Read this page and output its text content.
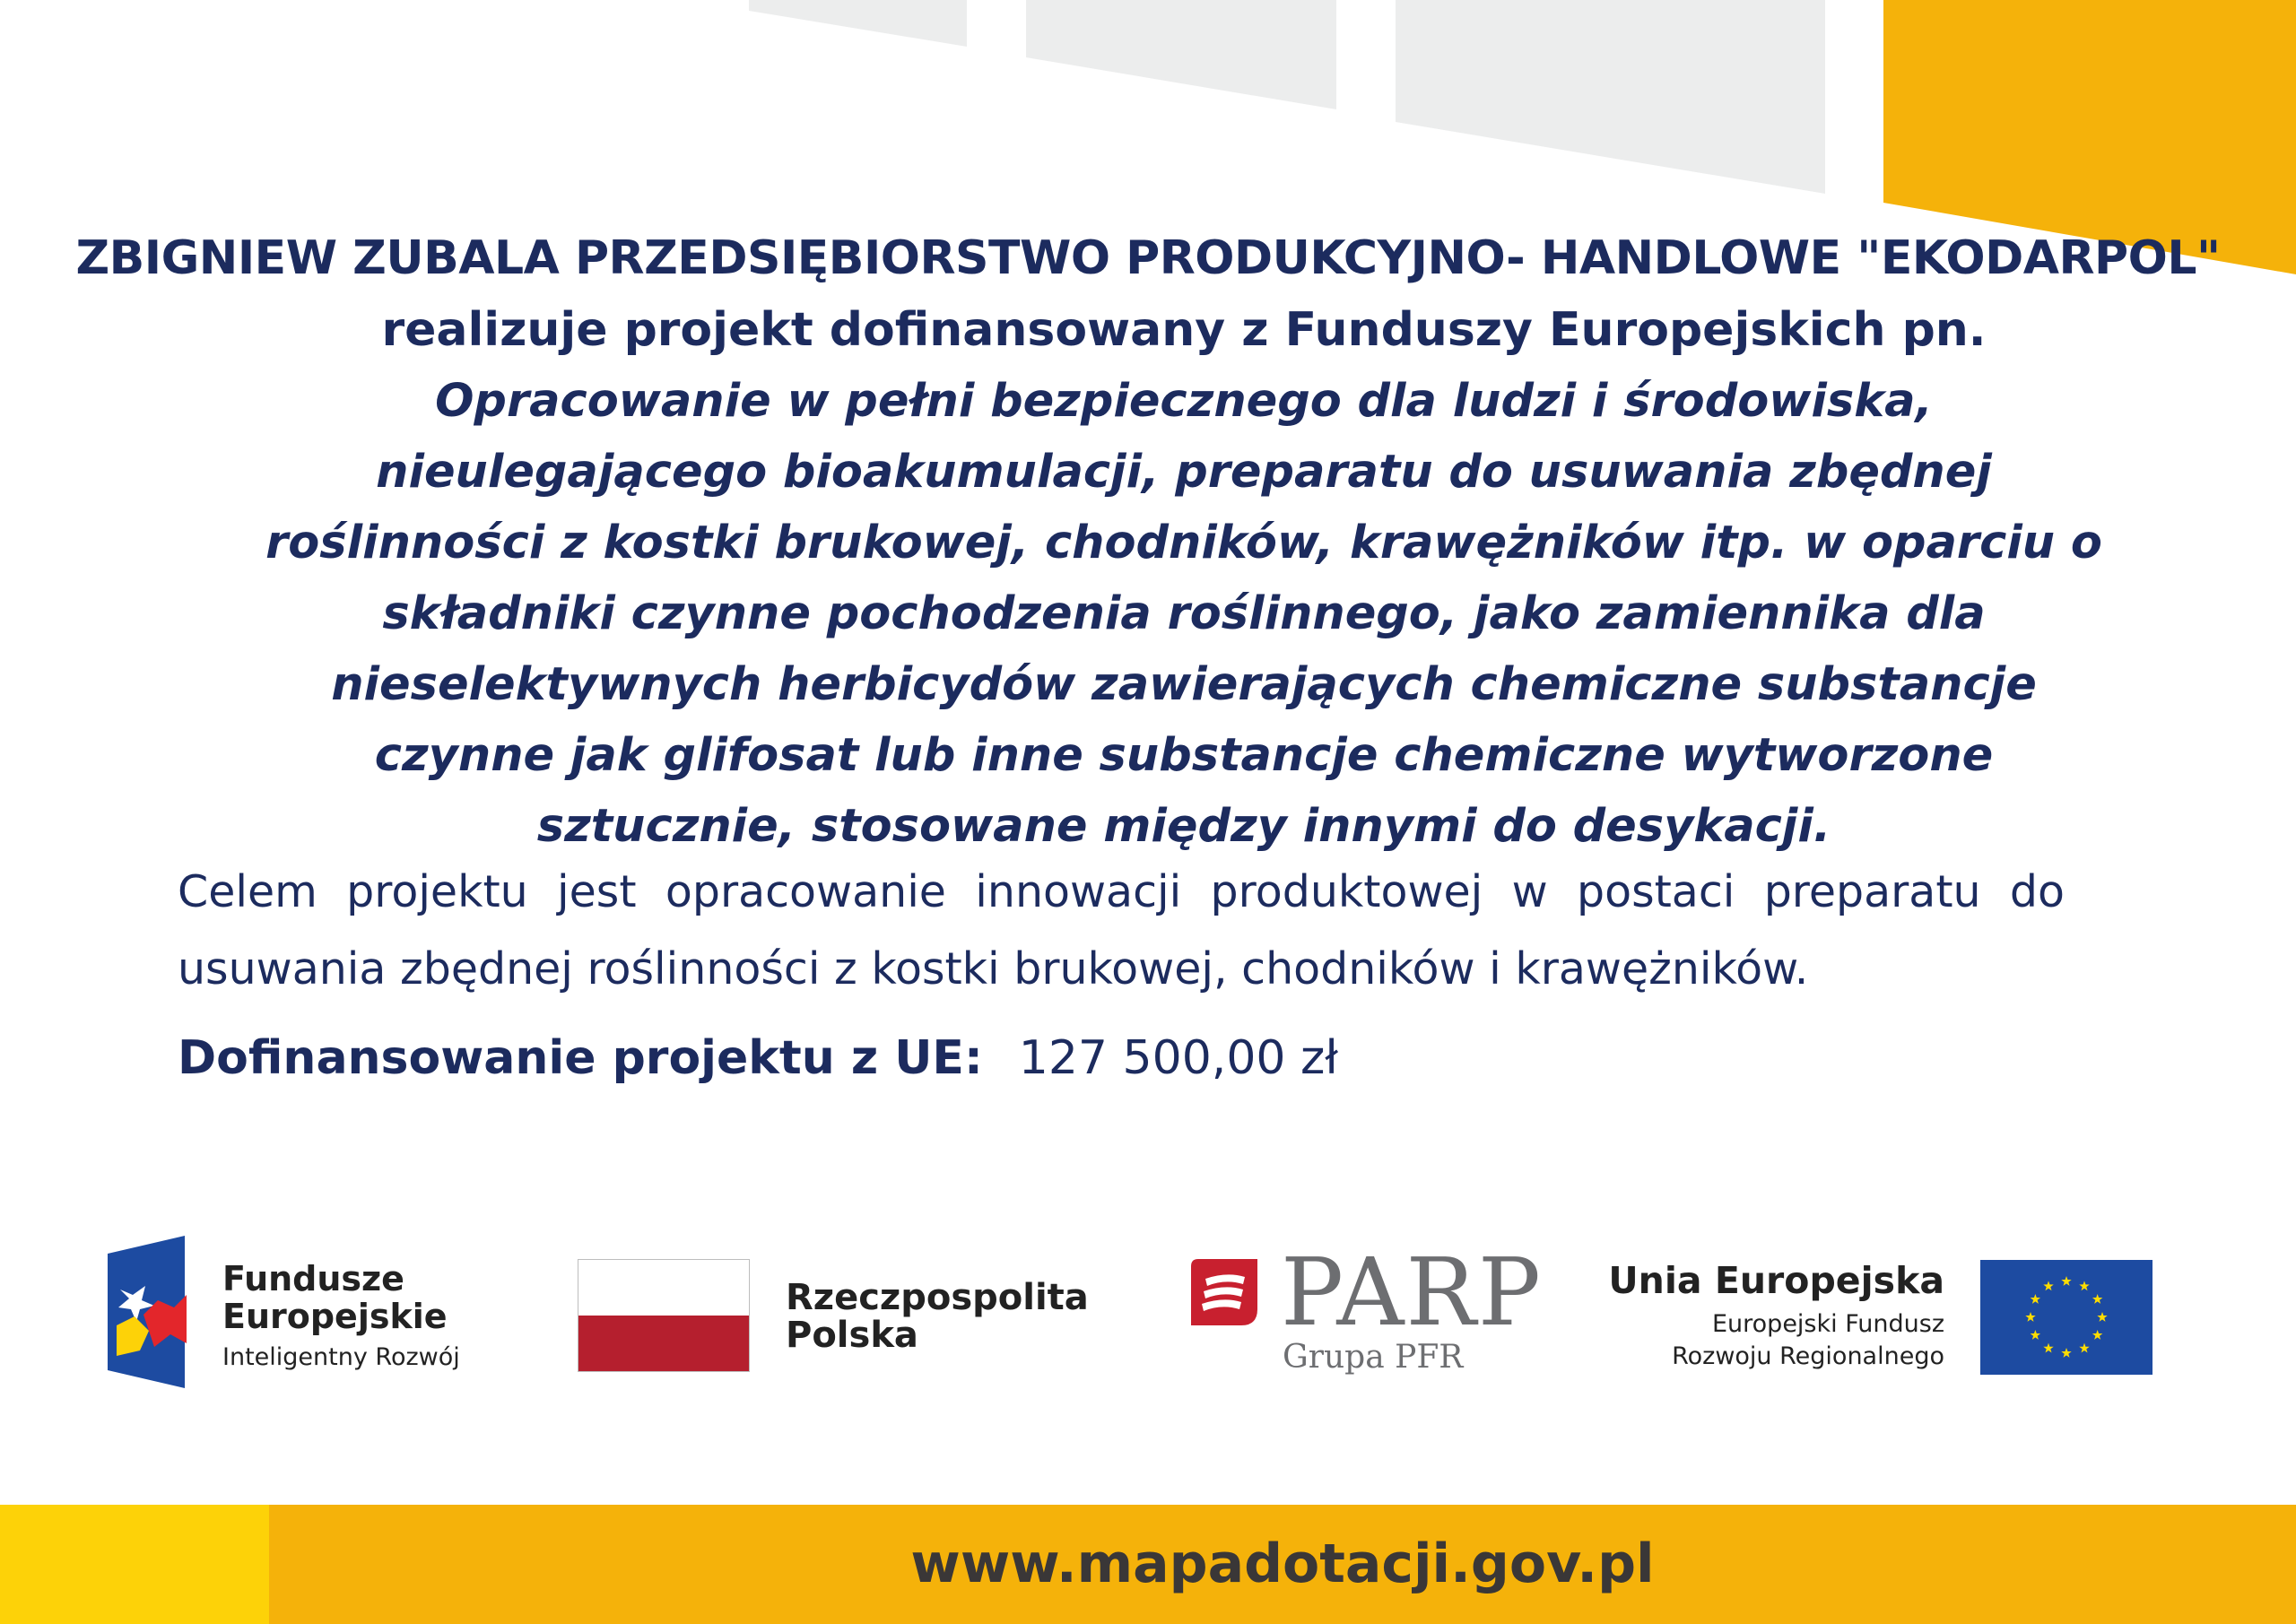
ZBIGNIEW ZUBALA PRZEDSIĘBIORSTWO PRODUKCYJNO- HANDLOWE "EKODARPOL"
realizuje projekt dofinansowany z Funduszy Europejskich pn.

Opracowanie w pełni bezpiecznego dla ludzi i środowiska, nieulegającego bioakumulacji, preparatu do usuwania zbędnej roślinności z kostki brukowej, chodników, krawężników itp. w oparciu o składniki czynne pochodzenia roślinnego, jako zamiennika dla nieselektywnych herbicydów zawierających chemiczne substancje czynne jak glifosat lub inne substancje chemiczne wytworzone sztucznie, stosowane między innymi do desykacji.

Celem projektu jest opracowanie innowacji produktowej w postaci preparatu do usuwania zbędnej roślinności z kostki brukowej, chodników i krawężników.

Dofinansowanie projektu z UE: 127 500,00 zł
Fundusze
Europejskie
Inteligentny Rozwój
Rzeczpospolita
Polska	PARP
Grupa PFR
Unia Europejska
Europejski Fundusz
Rozwoju Regionalnego
www.mapadotacji.gov.pl
